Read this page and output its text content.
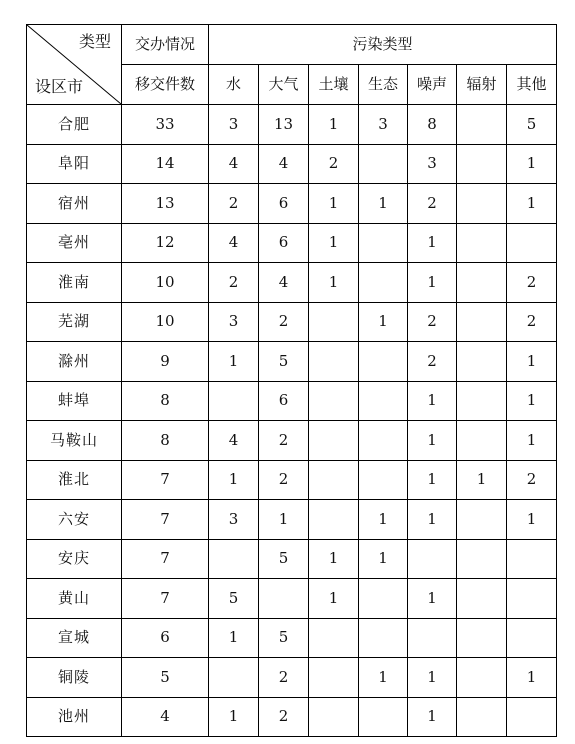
类型
设区市	交办情况	污染类型						
	移交件数	水	大气	土壤	生态	噪声	辐射	其他
合肥	33	3	13	1	3	8		5
阜阳	14	4	4	2		3		1
宿州	13	2	6	1	1	2		1
亳州	12	4	6	1		1		
淮南	10	2	4	1		1		2
芜湖	10	3	2		1	2		2
滁州	9	1	5			2		1
蚌埠	8		6			1		1
马鞍山	8	4	2			1		1
淮北	7	1	2			1	1	2
六安	7	3	1		1	1		1
安庆	7		5	1	1			
黄山	7	5		1		1		
宣城	6	1	5					
铜陵	5		2		1	1		1
池州	4	1	2			1		
